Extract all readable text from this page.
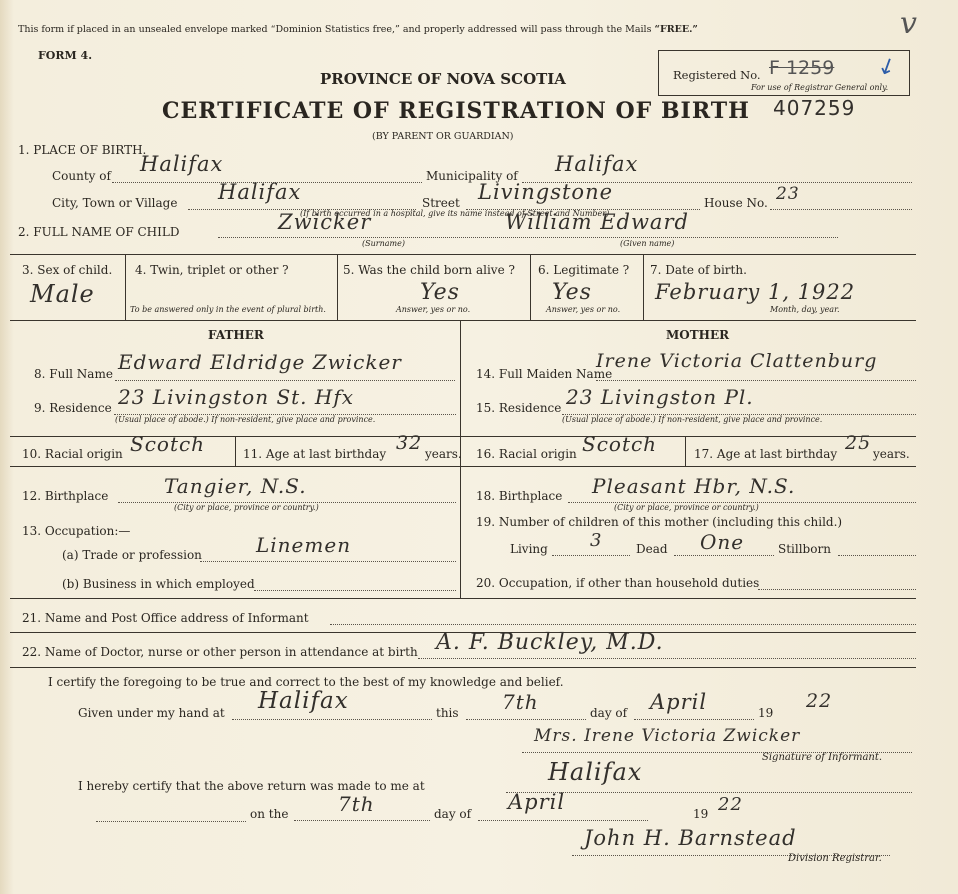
This form if placed in an unsealed envelope marked “Dominion Statistics free,” and properly addressed will pass through the Mails “FREE.”	v
FORM 4.
PROVINCE OF NOVA SCOTIA
CERTIFICATE OF REGISTRATION OF BIRTH
(BY PARENT OR GUARDIAN)
Registered No. F 1259
For use of Registrar General only.
↙
407259
1. PLACE OF BIRTH.
County of Halifax	Municipality of Halifax
City, Town or Village Halifax	Street Livingstone	House No. 23
(If birth occurred in a hospital, give its name instead of Street and Number)
2. FULL NAME OF CHILD	Zwicker	William Edward
(Surname)	(Given name)
3. Sex of child.
Male
4. Twin, triplet or other ?
To be answered only in the event of plural birth.
5. Was the child born alive ?
Yes
Answer, yes or no.
6. Legitimate ?
Yes
Answer, yes or no.
7. Date of birth.
February 1, 1922
Month, day, year.
FATHER	MOTHER
8. Full Name Edward Eldridge Zwicker
9. Residence 23 Livingston St. Hfx
(Usual place of abode.) If non-resident, give place and province.
10. Racial origin Scotch	11. Age at last birthday 32 years.
12. Birthplace	Tangier, N.S.
(City or place, province or country.)
13. Occupation:—
(a) Trade or profession	Linemen
(b) Business in which employed
14. Full Maiden Name
Irene Victoria Clattenburg
15. Residence 23 Livingston Pl.
(Usual place of abode.) If non-resident, give place and province.
16. Racial origin Scotch	17. Age at last birthday 25 years.
18. Birthplace Pleasant Hbr, N.S.
(City or place, province or country.)
19. Number of children of this mother (including this child.)
Living 3	Dead One	Stillborn
20. Occupation, if other than household duties
21. Name and Post Office address of Informant
22. Name of Doctor, nurse or other person in attendance at birth A. F. Buckley, M.D.
I certify the foregoing to be true and correct to the best of my knowledge and belief.
Given under my hand at Halifax	this 7th	day of April	19
22
Mrs. Irene Victoria Zwicker
Signature of Informant.
I hereby certify that the above return was made to me at	Halifax
on the 7th	day of April	19 22
John H. Barnstead
Division Registrar.
